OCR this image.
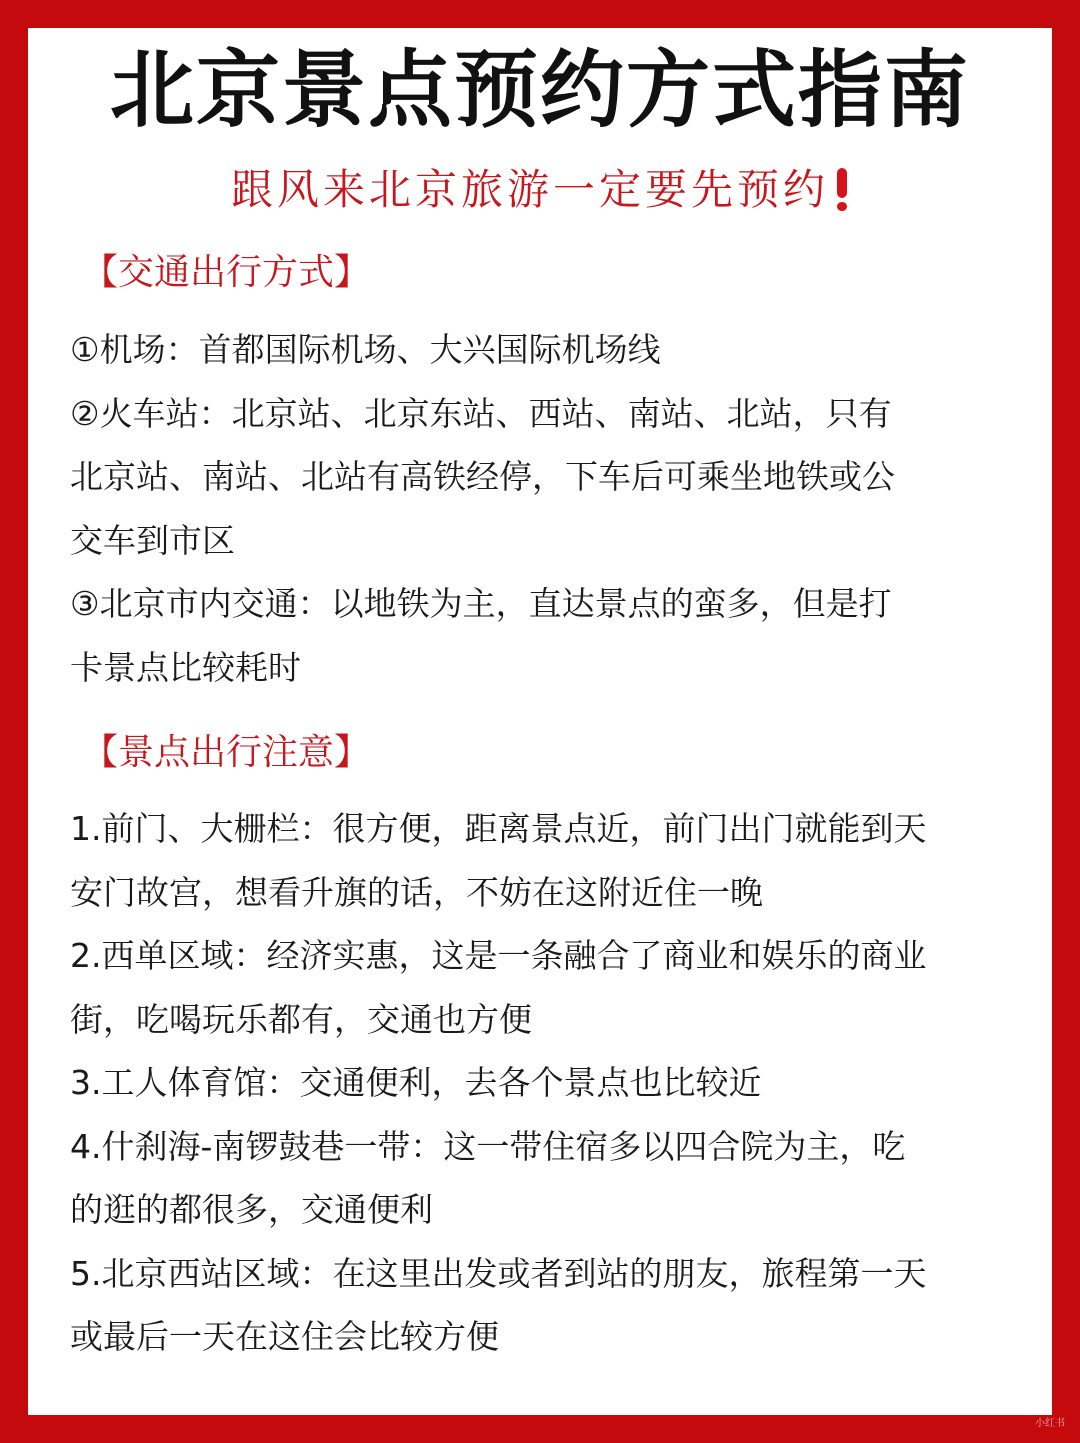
北京景点预约方式指南
跟风来北京旅游一定要先预约
【交通出行方式】
①机场：首都国际机场、大兴国际机场线
②火车站：北京站、北京东站、西站、南站、北站，只有
北京站、南站、北站有高铁经停，下车后可乘坐地铁或公
交车到市区
③北京市内交通：以地铁为主，直达景点的蛮多，但是打
卡景点比较耗时
【景点出行注意】
1.前门、大栅栏：很方便，距离景点近，前门出门就能到天
安门故宫，想看升旗的话，不妨在这附近住一晚
2.西单区域：经济实惠，这是一条融合了商业和娱乐的商业
街，吃喝玩乐都有，交通也方便
3.工人体育馆：交通便利，去各个景点也比较近
4.什刹海-南锣鼓巷一带：这一带住宿多以四合院为主，吃
的逛的都很多，交通便利
5.北京西站区域：在这里出发或者到站的朋友，旅程第一天
或最后一天在这住会比较方便
小红书
